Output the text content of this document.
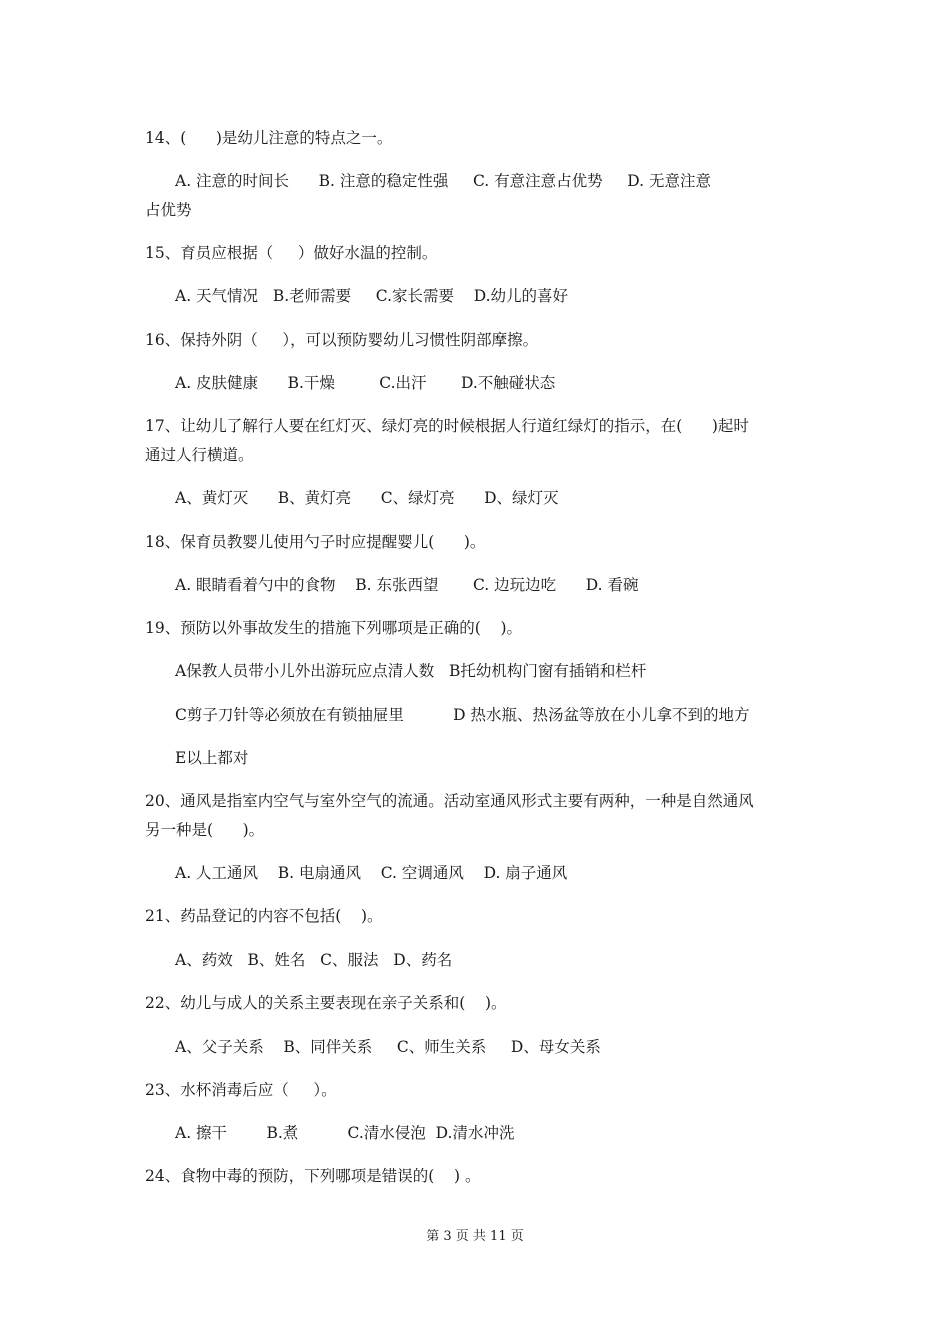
14、(      )是幼儿注意的特点之一。
A. 注意的时间长      B. 注意的稳定性强     C. 有意注意占优势     D. 无意注意
占优势
15、育员应根据（     ）做好水温的控制。
A. 天气情况   B.老师需要     C.家长需要    D.幼儿的喜好
16、保持外阴（     ），可以预防婴幼儿习惯性阴部摩擦。
A. 皮肤健康      B.干燥         C.出汗       D.不触碰状态
17、让幼儿了解行人要在红灯灭、绿灯亮的时候根据人行道红绿灯的指示，在(      )起时
通过人行横道。
A、黄灯灭      B、黄灯亮      C、绿灯亮      D、绿灯灭
18、保育员教婴儿使用勺子时应提醒婴儿(      )。
A. 眼睛看着勺中的食物    B. 东张西望       C. 边玩边吃      D. 看碗
19、预防以外事故发生的措施下列哪项是正确的(    )。
A保教人员带小儿外出游玩应点清人数   B托幼机构门窗有插销和栏杆
C剪子刀针等必须放在有锁抽屉里          D 热水瓶、热汤盆等放在小儿拿不到的地方
E以上都对
20、通风是指室内空气与室外空气的流通。活动室通风形式主要有两种，一种是自然通风
另一种是(      )。
A. 人工通风    B. 电扇通风    C. 空调通风    D. 扇子通风
21、药品登记的内容不包括(    )。
A、药效   B、姓名   C、服法   D、药名
22、幼儿与成人的关系主要表现在亲子关系和(    )。
A、父子关系    B、同伴关系     C、师生关系     D、母女关系
23、水杯消毒后应（     ）。
A. 擦干        B.煮          C.清水侵泡  D.清水冲洗
24、食物中毒的预防，下列哪项是错误的(    ) 。
第 3 页 共 11 页
